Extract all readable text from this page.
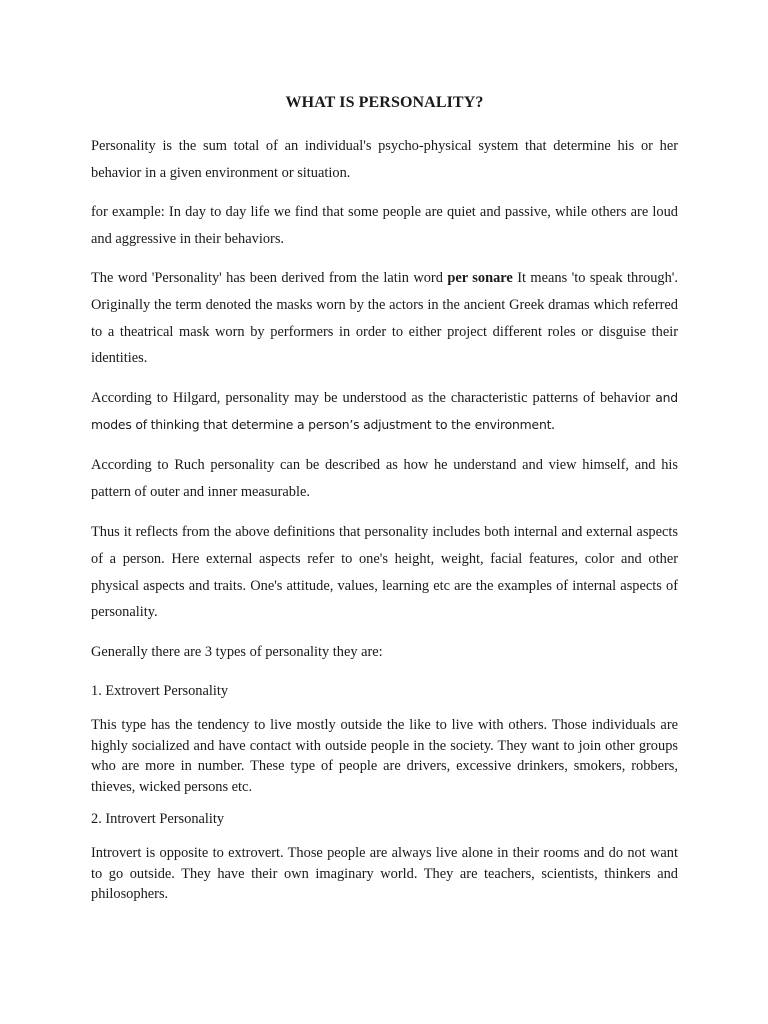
WHAT IS PERSONALITY?

Personality is the sum total of an individual's psycho-physical system that determine his or her behavior in a given environment or situation.

for example: In day to day life we find that some people are quiet and passive, while others are loud and aggressive in their behaviors.

The word 'Personality' has been derived from the latin word per sonare It means 'to speak through'. Originally the term denoted the masks worn by the actors in the ancient Greek dramas which referred to a theatrical mask worn by performers in order to either project different roles or disguise their identities.

According to Hilgard, personality may be understood as the characteristic patterns of behavior and modes of thinking that determine a person’s adjustment to the environment.

According to Ruch personality can be described as how he understand and view himself, and his pattern of outer and inner measurable.

Thus it reflects from the above definitions that personality includes both internal and external aspects of a person. Here external aspects refer to one's height, weight, facial features, color and other physical aspects and traits. One's attitude, values, learning etc are the examples of internal aspects of personality.

Generally there are 3 types of personality they are:

1. Extrovert Personality

This type has the tendency to live mostly outside the like to live with others. Those individuals are highly socialized and have contact with outside people in the society. They want to join other groups who are more in number. These type of people are drivers, excessive drinkers, smokers, robbers, thieves, wicked persons etc.

2. Introvert Personality

Introvert is opposite to extrovert. Those people are always live alone in their rooms and do not want to go outside. They have their own imaginary world. They are teachers, scientists, thinkers and philosophers.
